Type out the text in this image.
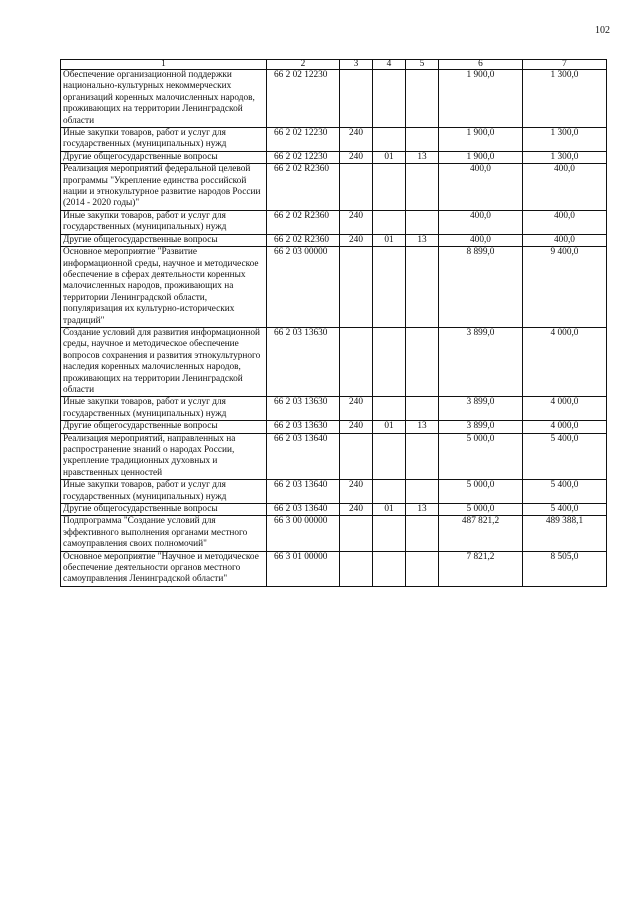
102
1	2	3	4	5	6	7
Обеспечение организационной поддержки национально-культурных некоммерческих организаций коренных малочисленных народов, проживающих на территории Ленинградской области	66 2 02 12230				1 900,0	1 300,0
Иные закупки товаров, работ и услуг для государственных (муниципальных) нужд	66 2 02 12230	240			1 900,0	1 300,0
Другие общегосударственные вопросы	66 2 02 12230	240	01	13	1 900,0	1 300,0
Реализация мероприятий федеральной целевой программы "Укрепление единства российской нации и этнокультурное развитие народов России (2014 - 2020 годы)"	66 2 02 R2360				400,0	400,0
Иные закупки товаров, работ и услуг для государственных (муниципальных) нужд	66 2 02 R2360	240			400,0	400,0
Другие общегосударственные вопросы	66 2 02 R2360	240	01	13	400,0	400,0
Основное мероприятие "Развитие информационной среды, научное и методическое обеспечение в сферах деятельности коренных малочисленных народов, проживающих на территории Ленинградской области, популяризация их культурно-исторических традиций"	66 2 03 00000				8 899,0	9 400,0
Создание условий для развития информационной среды, научное и методическое обеспечение вопросов сохранения и развития этнокультурного наследия коренных малочисленных народов, проживающих на территории Ленинградской области	66 2 03 13630				3 899,0	4 000,0
Иные закупки товаров, работ и услуг для государственных (муниципальных) нужд	66 2 03 13630	240			3 899,0	4 000,0
Другие общегосударственные вопросы	66 2 03 13630	240	01	13	3 899,0	4 000,0
Реализация мероприятий, направленных на распространение знаний о народах России, укрепление традиционных духовных и нравственных ценностей	66 2 03 13640				5 000,0	5 400,0
Иные закупки товаров, работ и услуг для государственных (муниципальных) нужд	66 2 03 13640	240			5 000,0	5 400,0
Другие общегосударственные вопросы	66 2 03 13640	240	01	13	5 000,0	5 400,0
Подпрограмма "Создание условий для эффективного выполнения органами местного самоуправления своих полномочий"	66 3 00 00000				487 821,2	489 388,1
Основное мероприятие "Научное и методическое обеспечение деятельности органов местного самоуправления Ленинградской области"	66 3 01 00000				7 821,2	8 505,0
